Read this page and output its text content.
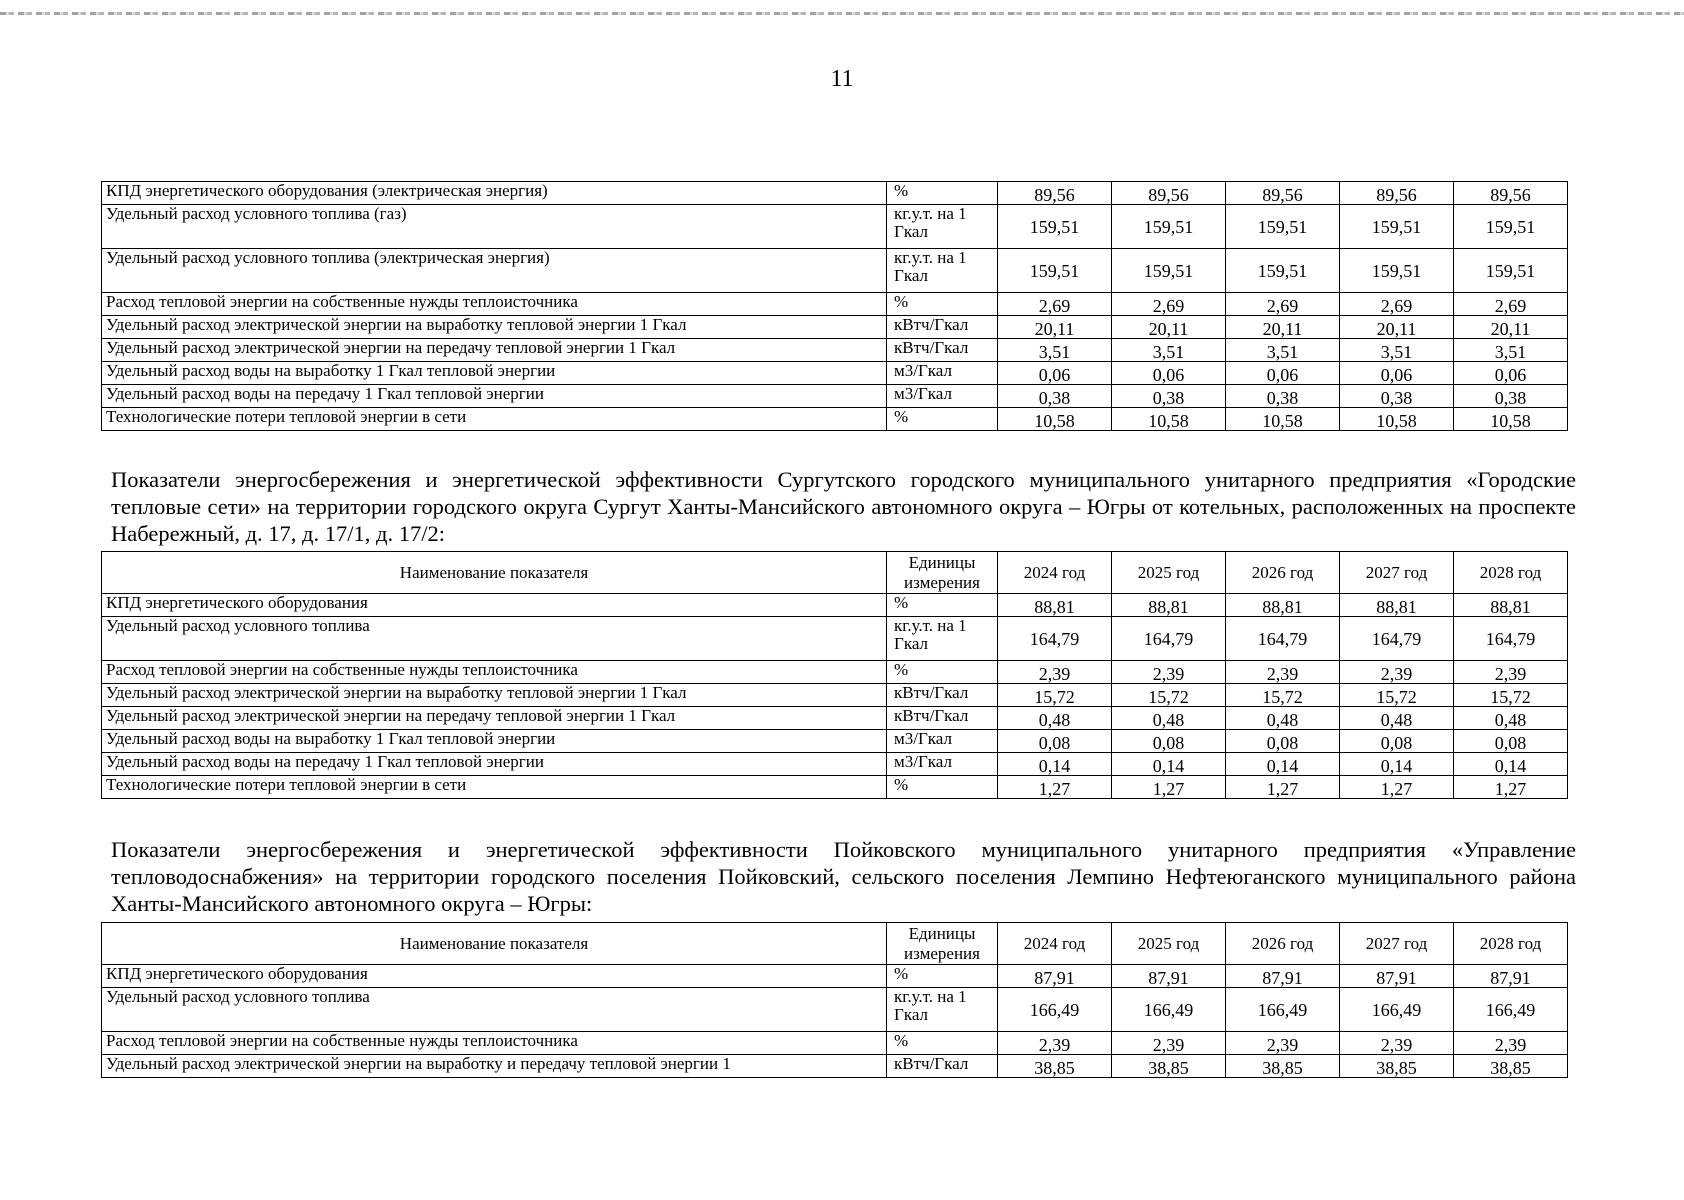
11
КПД энергетического оборудования (электрическая энергия)	%	89,56	89,56	89,56	89,56	89,56
Удельный расход условного топлива (газ)	кг.у.т. на 1 Гкал	159,51	159,51	159,51	159,51	159,51
Удельный расход условного топлива (электрическая энергия)	кг.у.т. на 1 Гкал	159,51	159,51	159,51	159,51	159,51
Расход тепловой энергии на собственные нужды теплоисточника	%	2,69	2,69	2,69	2,69	2,69
Удельный расход электрической энергии на выработку тепловой энергии 1 Гкал	кВтч/Гкал	20,11	20,11	20,11	20,11	20,11
Удельный расход электрической энергии на передачу тепловой энергии 1 Гкал	кВтч/Гкал	3,51	3,51	3,51	3,51	3,51
Удельный расход воды на выработку 1 Гкал тепловой энергии	м3/Гкал	0,06	0,06	0,06	0,06	0,06
Удельный расход воды на передачу 1 Гкал тепловой энергии	м3/Гкал	0,38	0,38	0,38	0,38	0,38
Технологические потери тепловой энергии в сети	%	10,58	10,58	10,58	10,58	10,58
Показатели энергосбережения и энергетической эффективности Сургутского городского муниципального унитарного предприятия «Городские тепловые сети» на территории городского округа Сургут Ханты-Мансийского автономного округа – Югры от котельных, расположенных на проспекте Набережный, д. 17, д. 17/1, д. 17/2:
Наименование показателя	Единицы измерения	2024 год	2025 год	2026 год	2027 год	2028 год
КПД энергетического оборудования	%	88,81	88,81	88,81	88,81	88,81
Удельный расход условного топлива	кг.у.т. на 1 Гкал	164,79	164,79	164,79	164,79	164,79
Расход тепловой энергии на собственные нужды теплоисточника	%	2,39	2,39	2,39	2,39	2,39
Удельный расход электрической энергии на выработку тепловой энергии 1 Гкал	кВтч/Гкал	15,72	15,72	15,72	15,72	15,72
Удельный расход электрической энергии на передачу тепловой энергии 1 Гкал	кВтч/Гкал	0,48	0,48	0,48	0,48	0,48
Удельный расход воды на выработку 1 Гкал тепловой энергии	м3/Гкал	0,08	0,08	0,08	0,08	0,08
Удельный расход воды на передачу 1 Гкал тепловой энергии	м3/Гкал	0,14	0,14	0,14	0,14	0,14
Технологические потери тепловой энергии в сети	%	1,27	1,27	1,27	1,27	1,27
Показатели энергосбережения и энергетической эффективности Пойковского муниципального унитарного предприятия «Управление тепловодоснабжения» на территории городского поселения Пойковский, сельского поселения Лемпино Нефтеюганского муниципального района Ханты-Мансийского автономного округа – Югры:
Наименование показателя	Единицы измерения	2024 год	2025 год	2026 год	2027 год	2028 год
КПД энергетического оборудования	%	87,91	87,91	87,91	87,91	87,91
Удельный расход условного топлива	кг.у.т. на 1 Гкал	166,49	166,49	166,49	166,49	166,49
Расход тепловой энергии на собственные нужды теплоисточника	%	2,39	2,39	2,39	2,39	2,39
Удельный расход электрической энергии на выработку и передачу тепловой энергии 1	кВтч/Гкал	38,85	38,85	38,85	38,85	38,85
